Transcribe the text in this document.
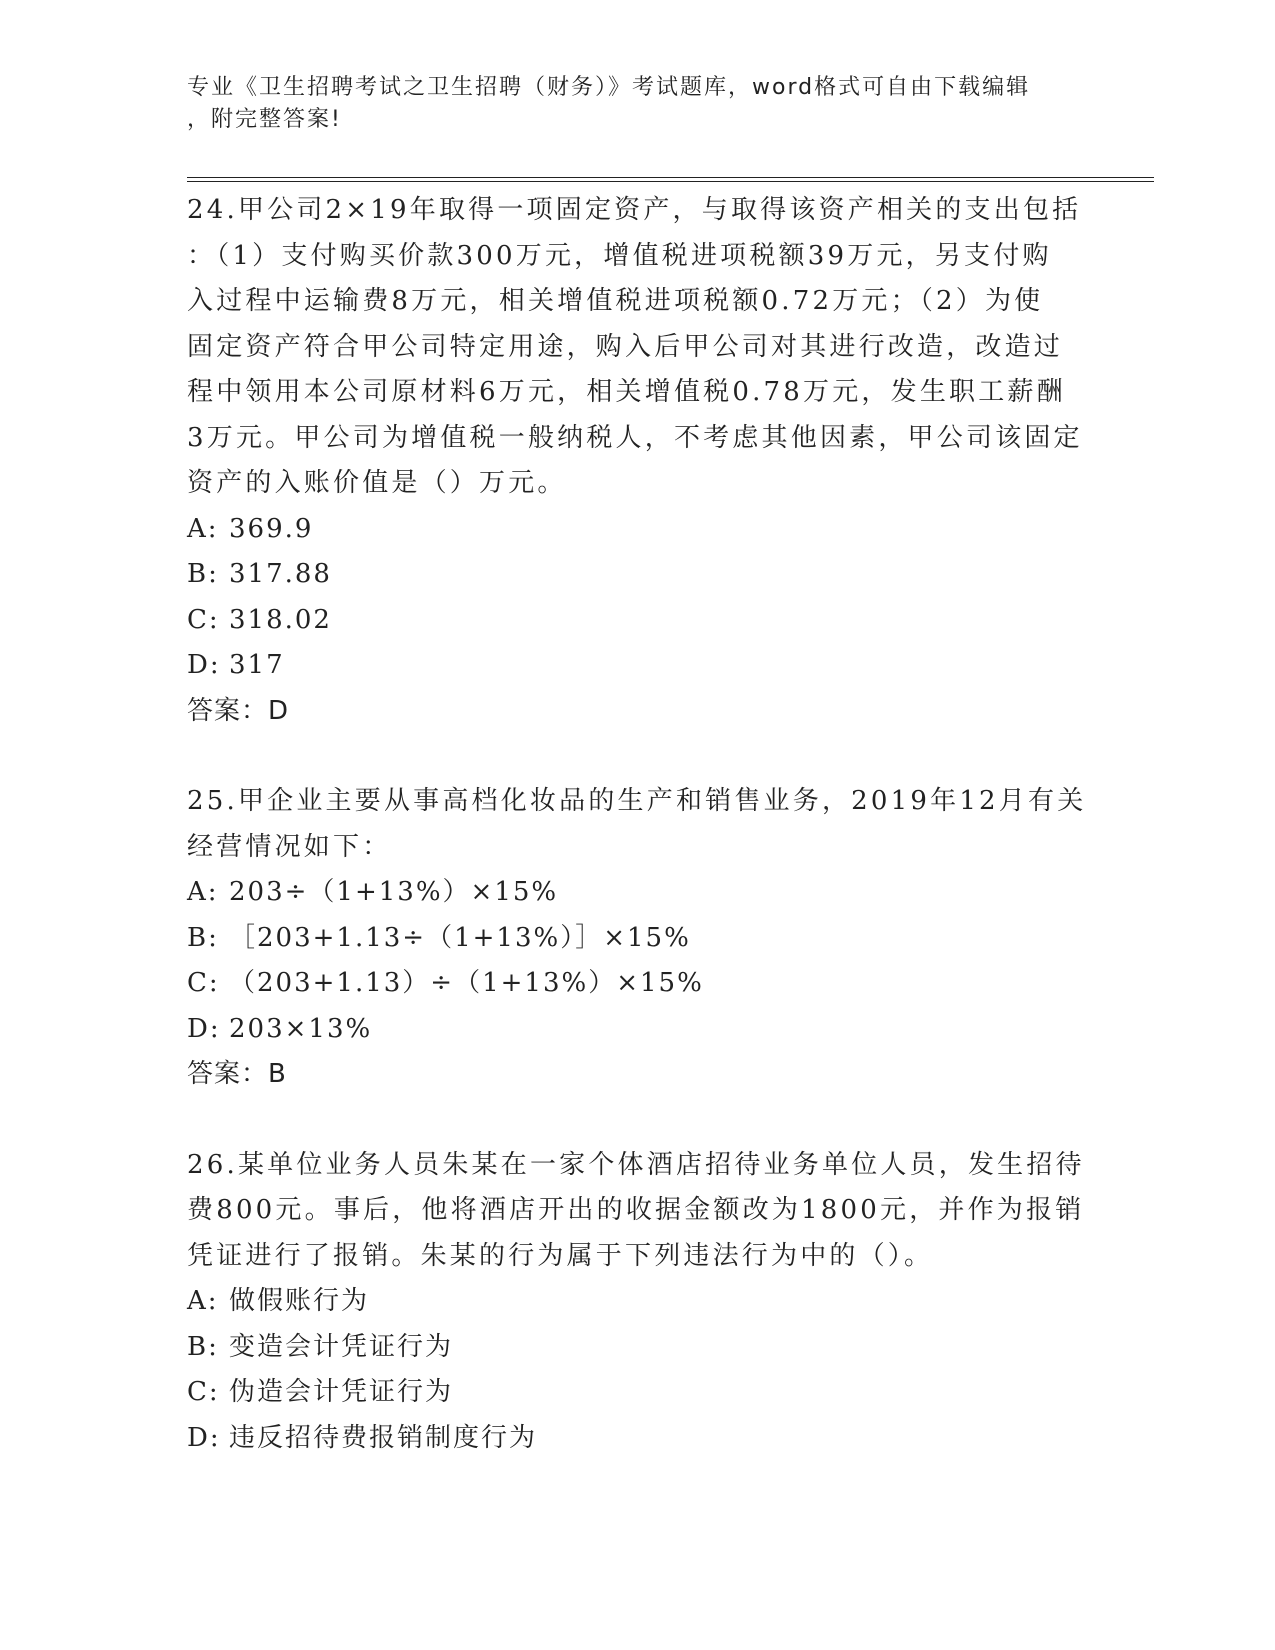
专业《卫生招聘考试之卫生招聘（财务）》考试题库，word格式可自由下载编辑
，附完整答案!

24.甲公司2×19年取得一项固定资产，与取得该资产相关的支出包括

：（1）支付购买价款300万元，增值税进项税额39万元，另支付购

入过程中运输费8万元，相关增值税进项税额0.72万元；（2）为使

固定资产符合甲公司特定用途，购入后甲公司对其进行改造，改造过

程中领用本公司原材料6万元，相关增值税0.78万元，发生职工薪酬

3万元。甲公司为增值税一般纳税人，不考虑其他因素，甲公司该固定

资产的入账价值是（）万元。

A: 369.9

B: 317.88

C: 318.02

D: 317

答案：D

25.甲企业主要从事高档化妆品的生产和销售业务，2019年12月有关

经营情况如下：

A: 203÷（1+13%）×15%

B: ［203+1.13÷（1+13%）］×15%

C: （203+1.13）÷（1+13%）×15%

D: 203×13%

答案：B

26.某单位业务人员朱某在一家个体酒店招待业务单位人员，发生招待

费800元。事后，他将酒店开出的收据金额改为1800元，并作为报销

凭证进行了报销。朱某的行为属于下列违法行为中的（）。

A: 做假账行为

B: 变造会计凭证行为

C: 伪造会计凭证行为

D: 违反招待费报销制度行为
